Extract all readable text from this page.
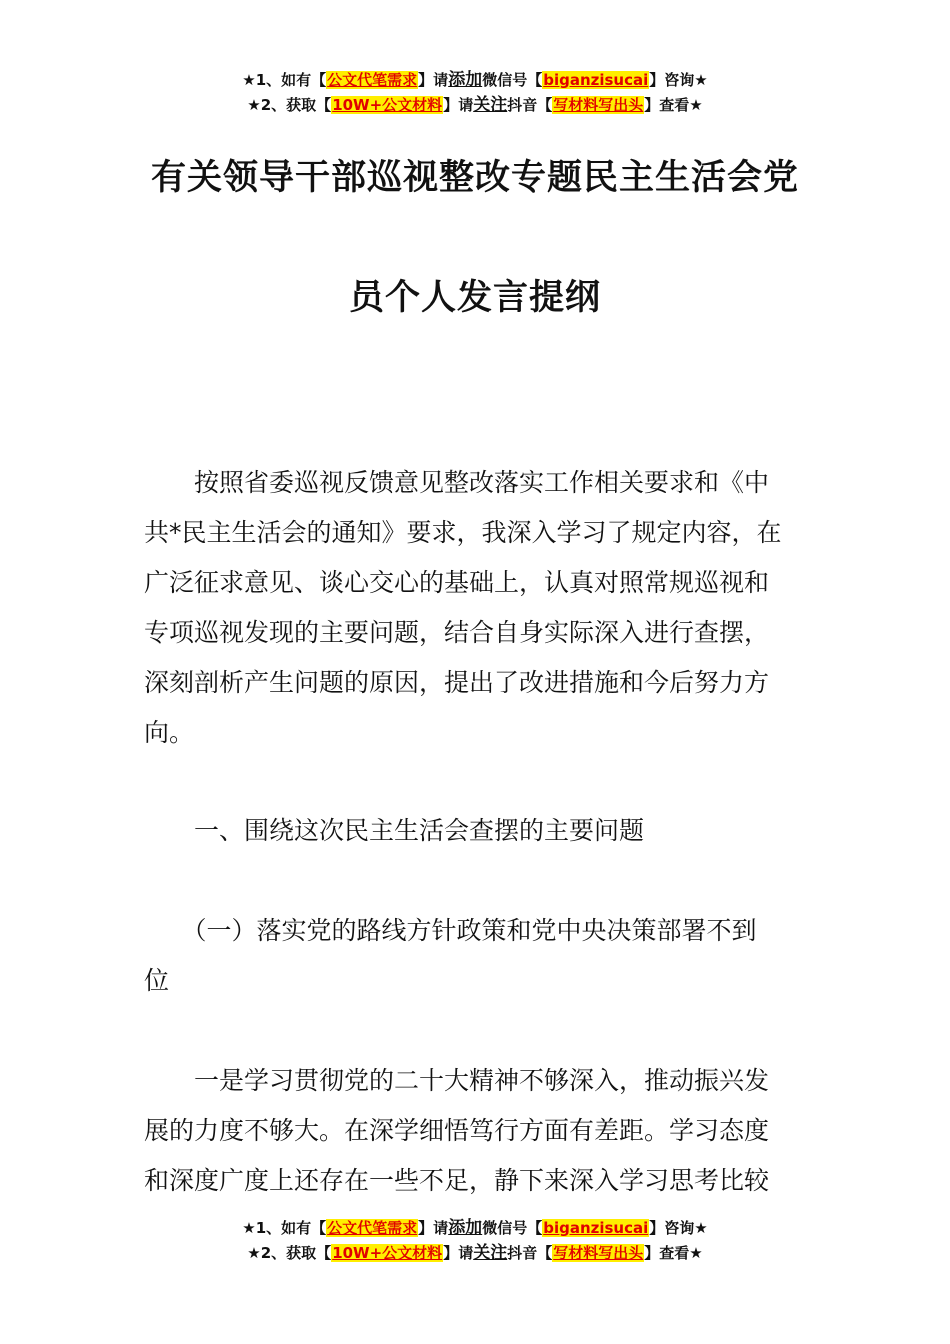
★1、如有【公文代笔需求】请添加微信号【biganzisucai】咨询★
★2、获取【10W+公文材料】请关注抖音【写材料写出头】查看★
有关领导干部巡视整改专题民主生活会党
员个人发言提纲
　　按照省委巡视反馈意见整改落实工作相关要求和《中
共*民主生活会的通知》要求，我深入学习了规定内容，在
广泛征求意见、谈心交心的基础上，认真对照常规巡视和
专项巡视发现的主要问题，结合自身实际深入进行查摆，
深刻剖析产生问题的原因，提出了改进措施和今后努力方
向。
　　一、围绕这次民主生活会查摆的主要问题
　　（一）落实党的路线方针政策和党中央决策部署不到
位
　　一是学习贯彻党的二十大精神不够深入，推动振兴发
展的力度不够大。在深学细悟笃行方面有差距。学习态度
和深度广度上还存在一些不足，静下来深入学习思考比较
★1、如有【公文代笔需求】请添加微信号【biganzisucai】咨询★
★2、获取【10W+公文材料】请关注抖音【写材料写出头】查看★
